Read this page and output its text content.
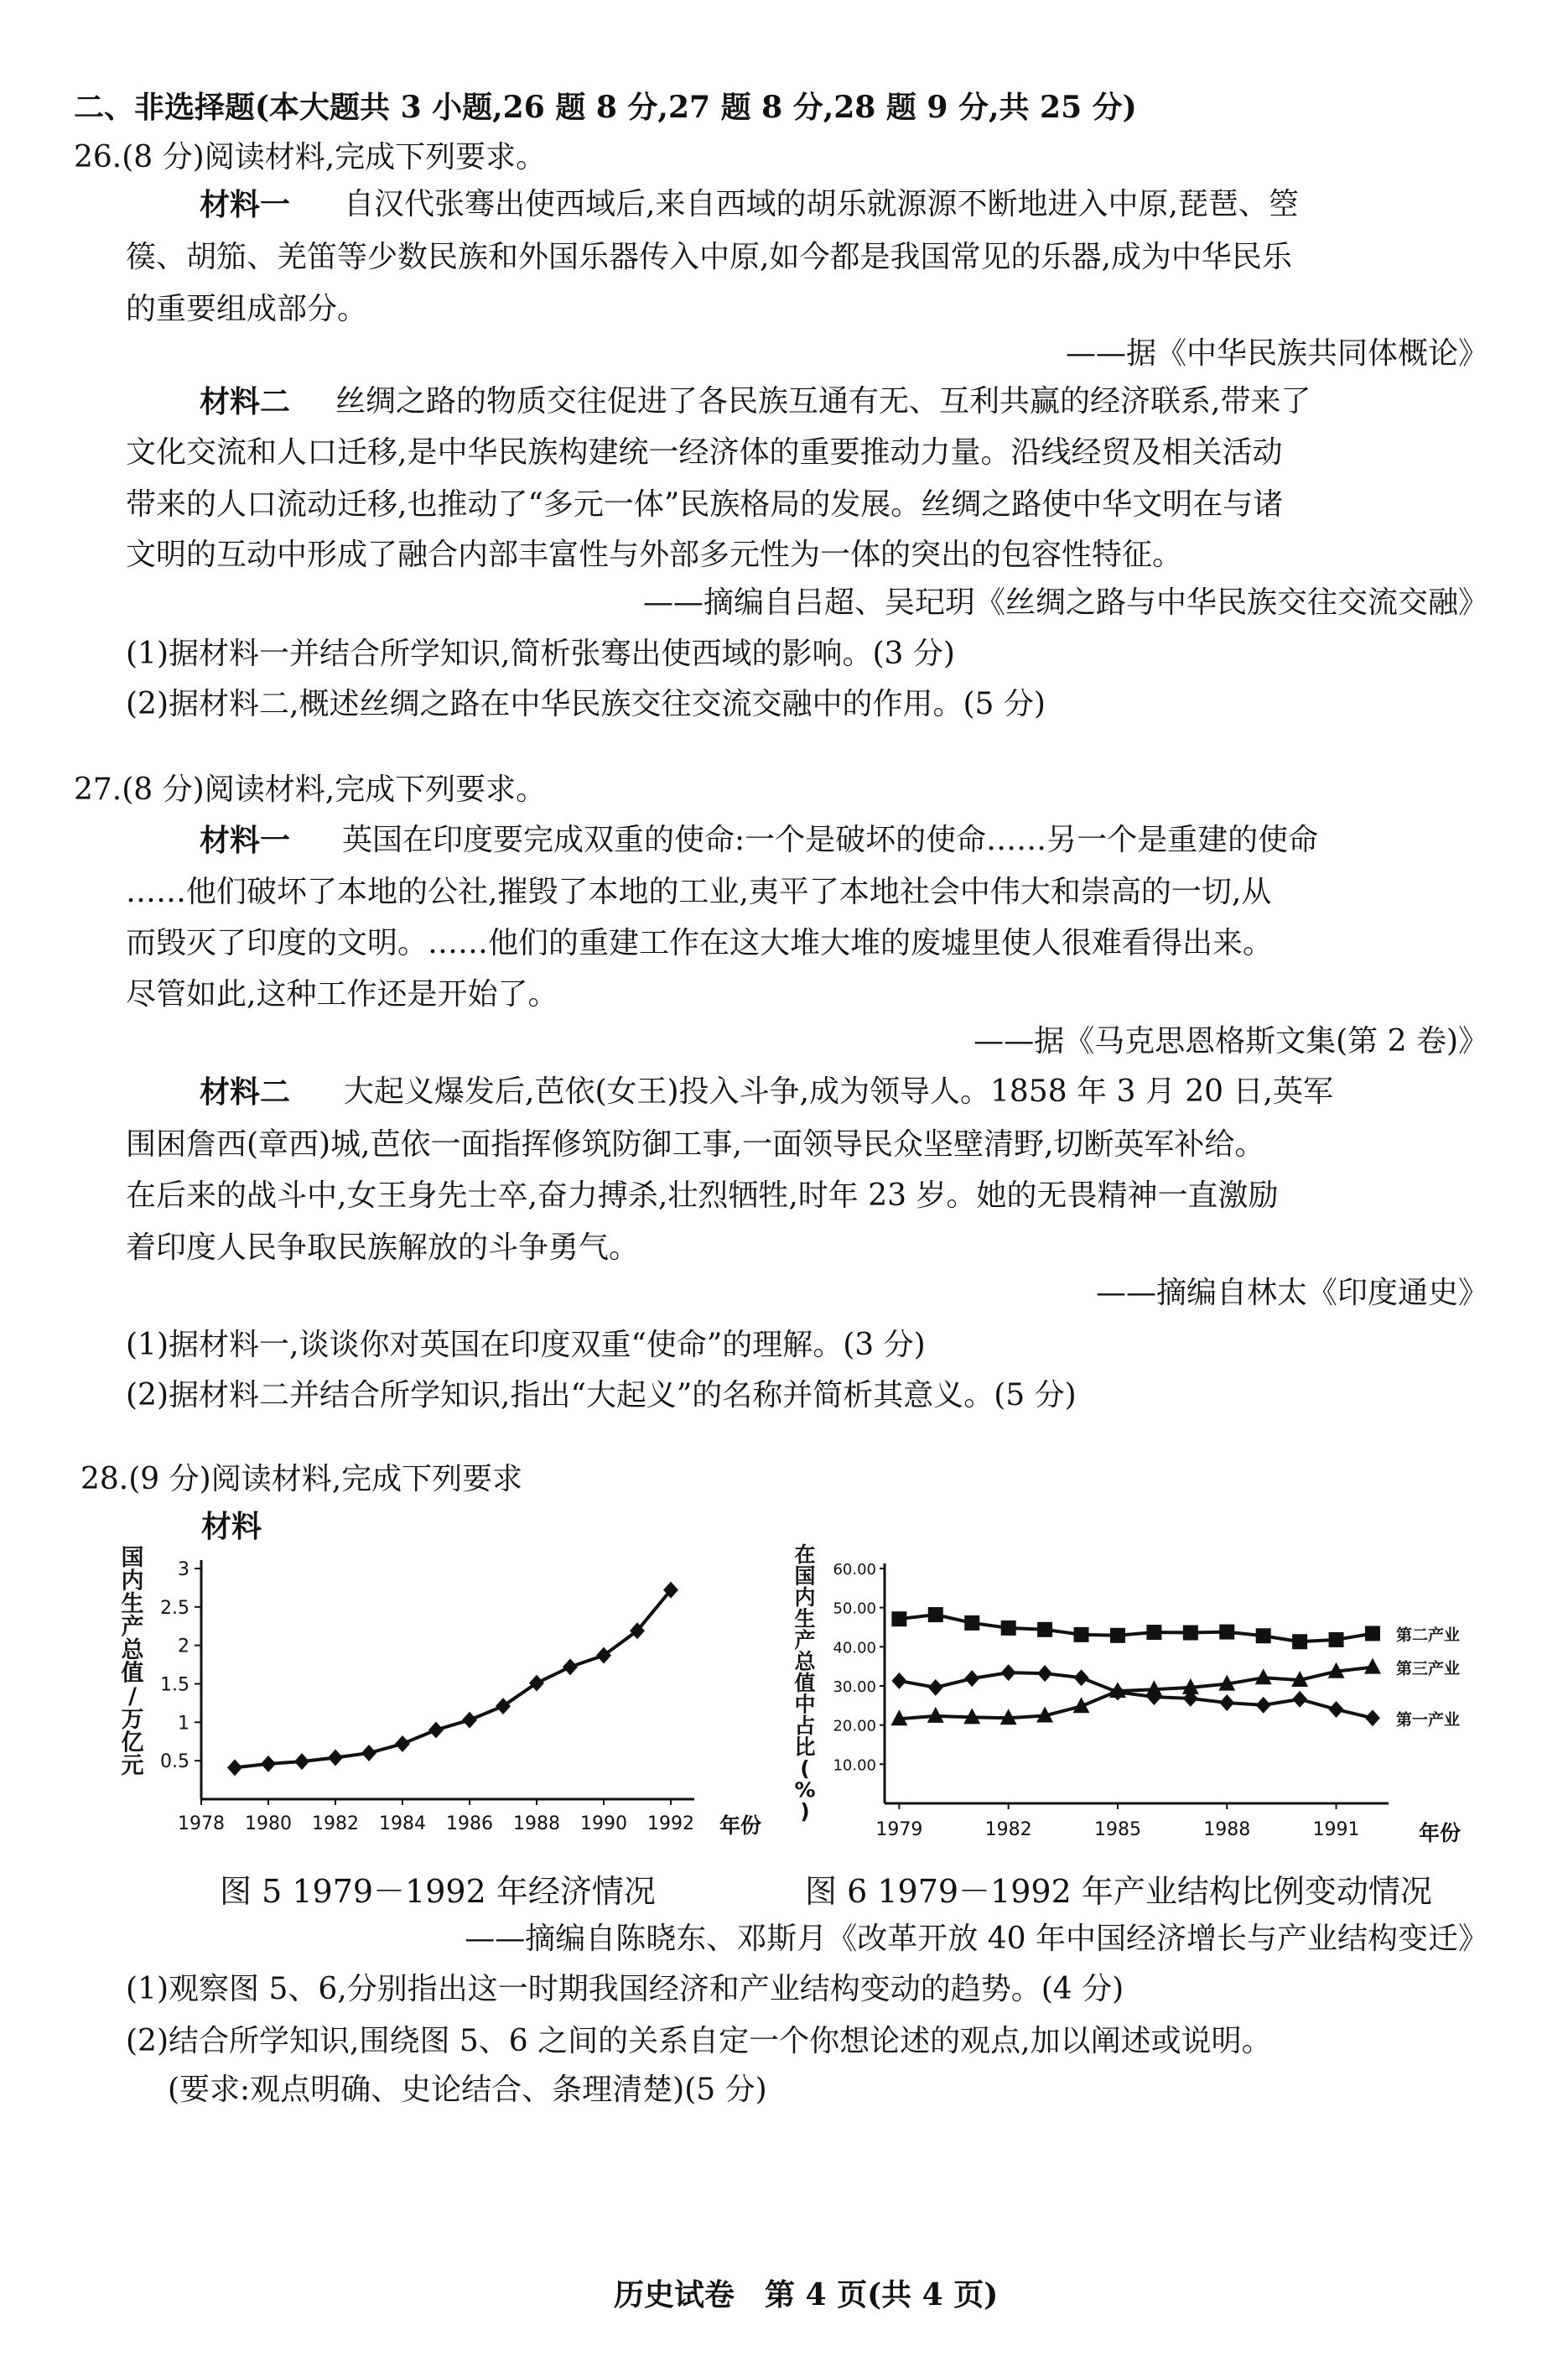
二、非选择题(本大题共 3 小题,26 题 8 分,27 题 8 分,28 题 9 分,共 25 分)
26.(8 分)阅读材料,完成下列要求。
材料一 自汉代张骞出使西域后,来自西域的胡乐就源源不断地进入中原,琵琶、箜
篌、胡笳、羌笛等少数民族和外国乐器传入中原,如今都是我国常见的乐器,成为中华民乐
的重要组成部分。
——据《中华民族共同体概论》
材料二 丝绸之路的物质交往促进了各民族互通有无、互利共赢的经济联系,带来了
文化交流和人口迁移,是中华民族构建统一经济体的重要推动力量。沿线经贸及相关活动
带来的人口流动迁移,也推动了“多元一体”民族格局的发展。丝绸之路使中华文明在与诸
文明的互动中形成了融合内部丰富性与外部多元性为一体的突出的包容性特征。
——摘编自吕超、吴玘玥《丝绸之路与中华民族交往交流交融》
(1)据材料一并结合所学知识,简析张骞出使西域的影响。(3 分)
(2)据材料二,概述丝绸之路在中华民族交往交流交融中的作用。(5 分)
27.(8 分)阅读材料,完成下列要求。
材料一 英国在印度要完成双重的使命:一个是破坏的使命……另一个是重建的使命
……他们破坏了本地的公社,摧毁了本地的工业,夷平了本地社会中伟大和崇高的一切,从
而毁灭了印度的文明。……他们的重建工作在这大堆大堆的废墟里使人很难看得出来。
尽管如此,这种工作还是开始了。
——据《马克思恩格斯文集(第 2 卷)》
材料二 大起义爆发后,芭依(女王)投入斗争,成为领导人。1858 年 3 月 20 日,英军
围困詹西(章西)城,芭依一面指挥修筑防御工事,一面领导民众坚壁清野,切断英军补给。
在后来的战斗中,女王身先士卒,奋力搏杀,壮烈牺牲,时年 23 岁。她的无畏精神一直激励
着印度人民争取民族解放的斗争勇气。
——摘编自林太《印度通史》
(1)据材料一,谈谈你对英国在印度双重“使命”的理解。(3 分)
(2)据材料二并结合所学知识,指出“大起义”的名称并简析其意义。(5 分)
28.(9 分)阅读材料,完成下列要求
材料
0.5
1
1.5
2
2.5
3
1978 1980 1982 1984 1986 1988 1990 1992 年份
国内生产总值/万亿元	10.00
20.00
30.00
40.00
50.00
60.00
1979	1982	1985	1988	1991	年份
在国内生产总值中占比( % )
第二产业
第三产业
第一产业
图 5 1979－1992 年经济情况	图 6 1979－1992 年产业结构比例变动情况
——摘编自陈晓东、邓斯月《改革开放 40 年中国经济增长与产业结构变迁》
(1)观察图 5、6,分别指出这一时期我国经济和产业结构变动的趋势。(4 分)
(2)结合所学知识,围绕图 5、6 之间的关系自定一个你想论述的观点,加以阐述或说明。
(要求:观点明确、史论结合、条理清楚)(5 分)
历史试卷　第 4 页(共 4 页)
